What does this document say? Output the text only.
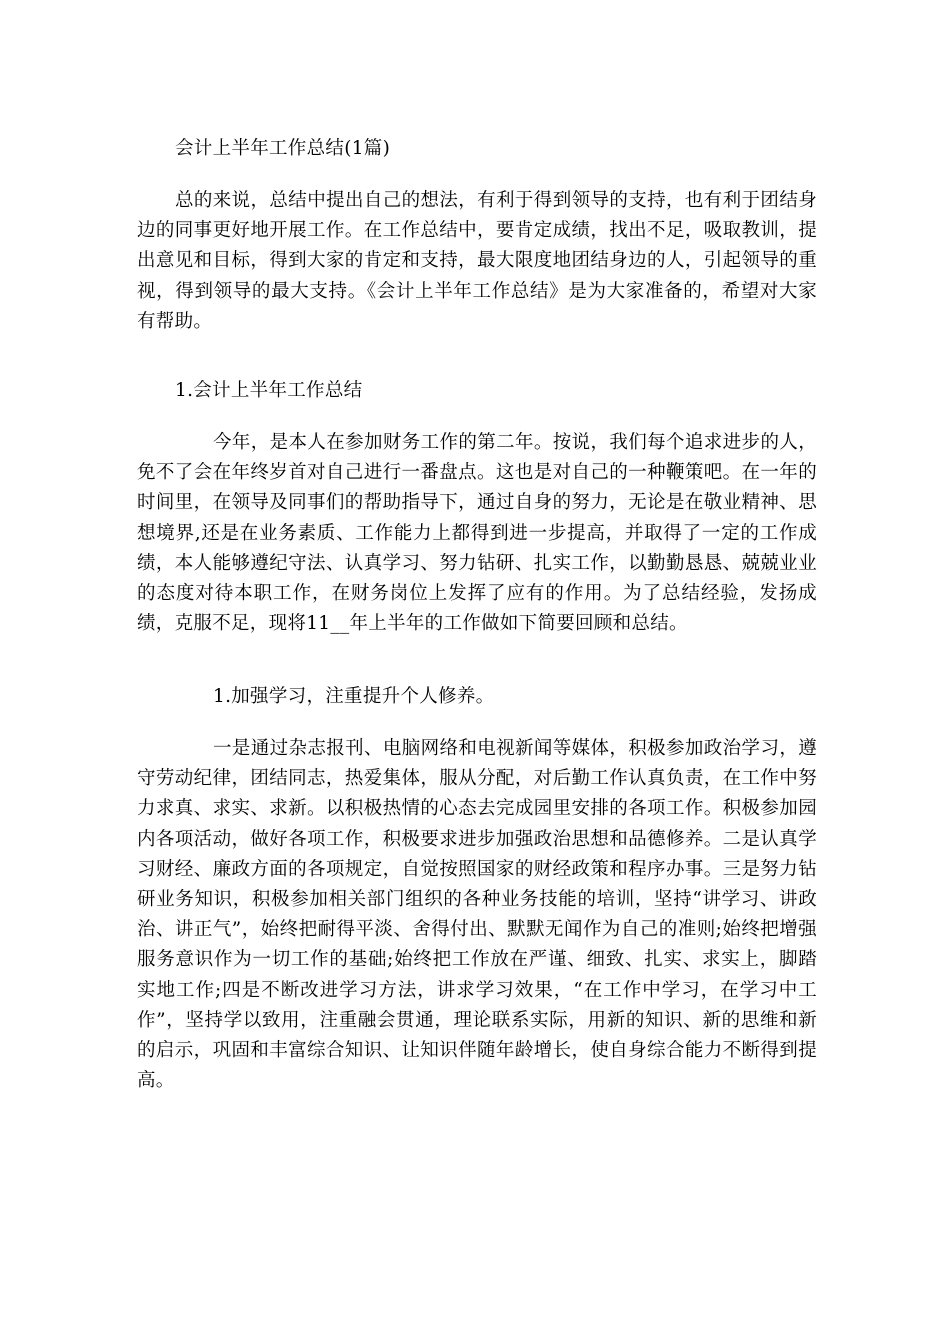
会计上半年工作总结(1篇)
总的来说，总结中提出自己的想法，有利于得到领导的支持，也有利于团结身边的同事更好地开展工作。在工作总结中，要肯定成绩，找出不足，吸取教训，提出意见和目标，得到大家的肯定和支持，最大限度地团结身边的人，引起领导的重视，得到领导的最大支持。《会计上半年工作总结》是为大家准备的，希望对大家有帮助。
1.会计上半年工作总结
今年，是本人在参加财务工作的第二年。按说，我们每个追求进步的人，免不了会在年终岁首对自己进行一番盘点。这也是对自己的一种鞭策吧。在一年的时间里，在领导及同事们的帮助指导下，通过自身的努力，无论是在敬业精神、思想境界,还是在业务素质、工作能力上都得到进一步提高，并取得了一定的工作成绩，本人能够遵纪守法、认真学习、努力钻研、扎实工作，以勤勤恳恳、兢兢业业的态度对待本职工作，在财务岗位上发挥了应有的作用。为了总结经验，发扬成绩，克服不足，现将11__年上半年的工作做如下简要回顾和总结。
1.加强学习，注重提升个人修养。
一是通过杂志报刊、电脑网络和电视新闻等媒体，积极参加政治学习，遵守劳动纪律，团结同志，热爱集体，服从分配，对后勤工作认真负责，在工作中努力求真、求实、求新。以积极热情的心态去完成园里安排的各项工作。积极参加园内各项活动，做好各项工作，积极要求进步加强政治思想和品德修养。二是认真学习财经、廉政方面的各项规定，自觉按照国家的财经政策和程序办事。三是努力钻研业务知识，积极参加相关部门组织的各种业务技能的培训，坚持“讲学习、讲政治、讲正气”，始终把耐得平淡、舍得付出、默默无闻作为自己的准则;始终把增强服务意识作为一切工作的基础;始终把工作放在严谨、细致、扎实、求实上，脚踏实地工作;四是不断改进学习方法，讲求学习效果，“在工作中学习，在学习中工作”，坚持学以致用，注重融会贯通，理论联系实际，用新的知识、新的思维和新的启示，巩固和丰富综合知识、让知识伴随年龄增长，使自身综合能力不断得到提高。
